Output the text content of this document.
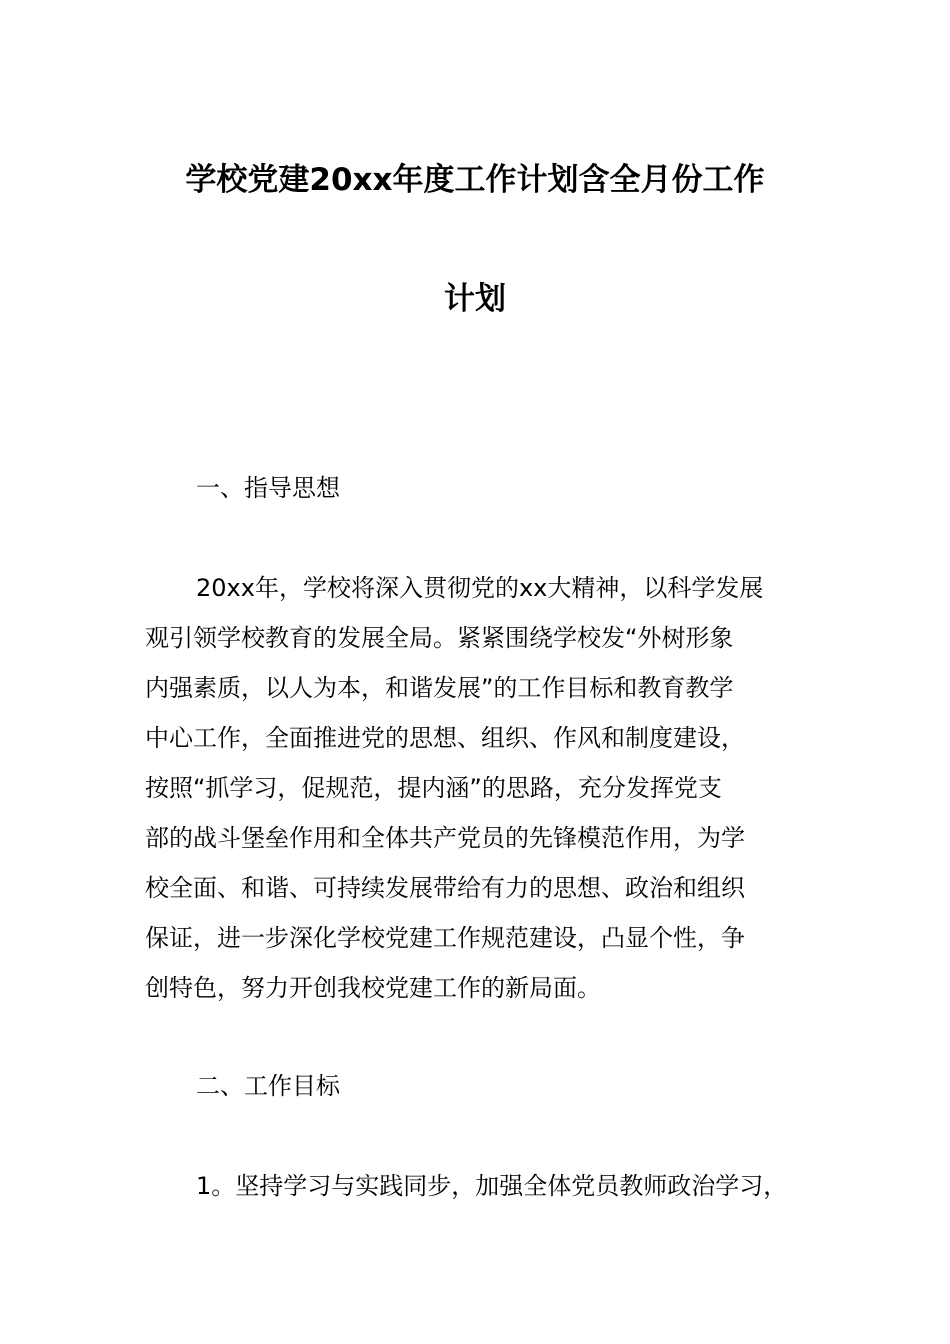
学校党建20xx年度工作计划含全月份工作
计划
一、指导思想
20xx年，学校将深入贯彻党的xx大精神，以科学发展
观引领学校教育的发展全局。紧紧围绕学校发“外树形象
内强素质，以人为本，和谐发展”的工作目标和教育教学
中心工作，全面推进党的思想、组织、作风和制度建设，
按照“抓学习，促规范，提内涵”的思路，充分发挥党支
部的战斗堡垒作用和全体共产党员的先锋模范作用，为学
校全面、和谐、可持续发展带给有力的思想、政治和组织
保证，进一步深化学校党建工作规范建设，凸显个性，争
创特色，努力开创我校党建工作的新局面。
二、工作目标
1。坚持学习与实践同步，加强全体党员教师政治学习，
